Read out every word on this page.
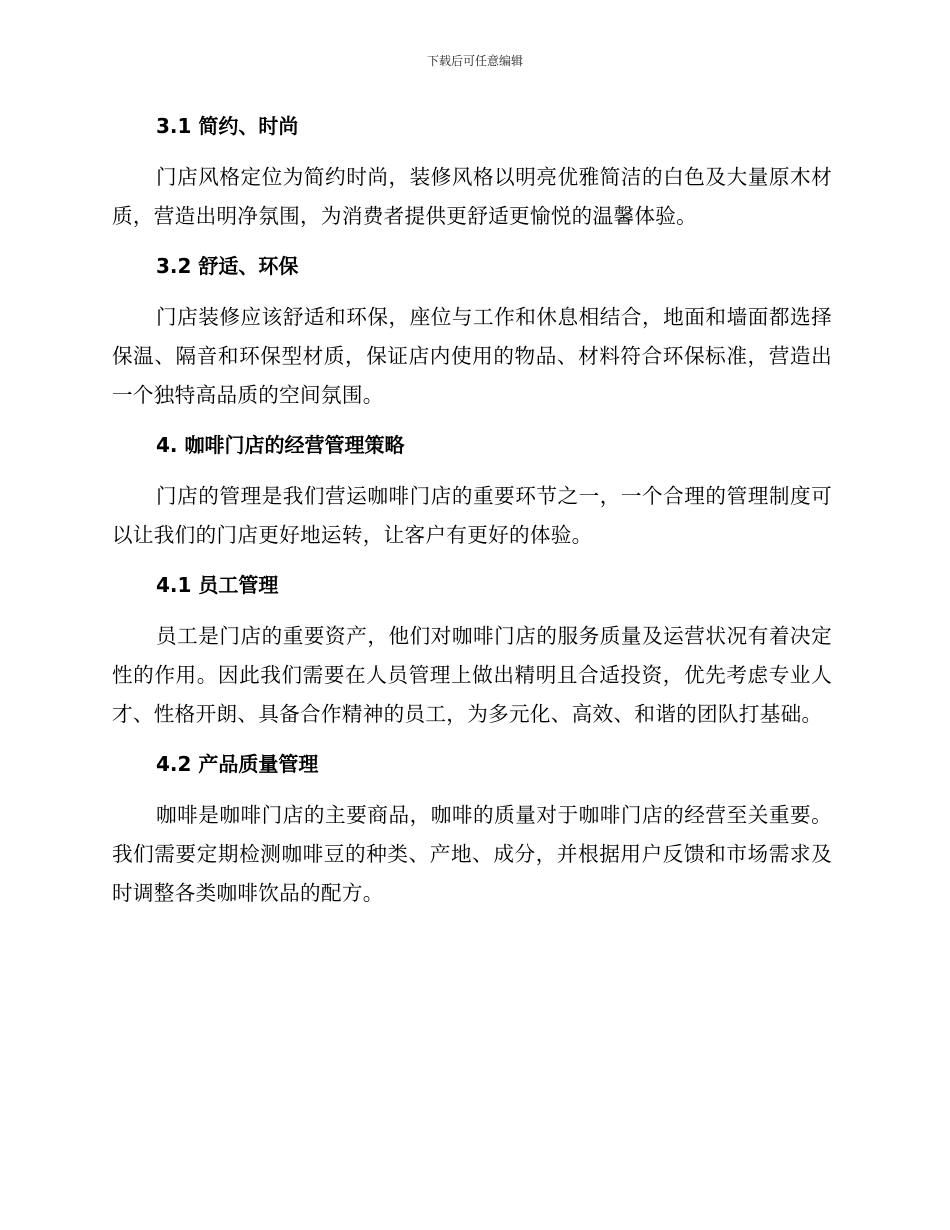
下载后可任意编辑
3.1 简约、时尚

门店风格定位为简约时尚，装修风格以明亮优雅简洁的白色及大量原木材质，营造出明净氛围，为消费者提供更舒适更愉悦的温馨体验。

3.2 舒适、环保

门店装修应该舒适和环保，座位与工作和休息相结合，地面和墙面都选择保温、隔音和环保型材质，保证店内使用的物品、材料符合环保标准，营造出一个独特高品质的空间氛围。

4. 咖啡门店的经营管理策略

门店的管理是我们营运咖啡门店的重要环节之一，一个合理的管理制度可以让我们的门店更好地运转，让客户有更好的体验。

4.1 员工管理

员工是门店的重要资产，他们对咖啡门店的服务质量及运营状况有着决定性的作用。因此我们需要在人员管理上做出精明且合适投资，优先考虑专业人才、性格开朗、具备合作精神的员工，为多元化、高效、和谐的团队打基础。

4.2 产品质量管理

咖啡是咖啡门店的主要商品，咖啡的质量对于咖啡门店的经营至关重要。我们需要定期检测咖啡豆的种类、产地、成分，并根据用户反馈和市场需求及时调整各类咖啡饮品的配方。
